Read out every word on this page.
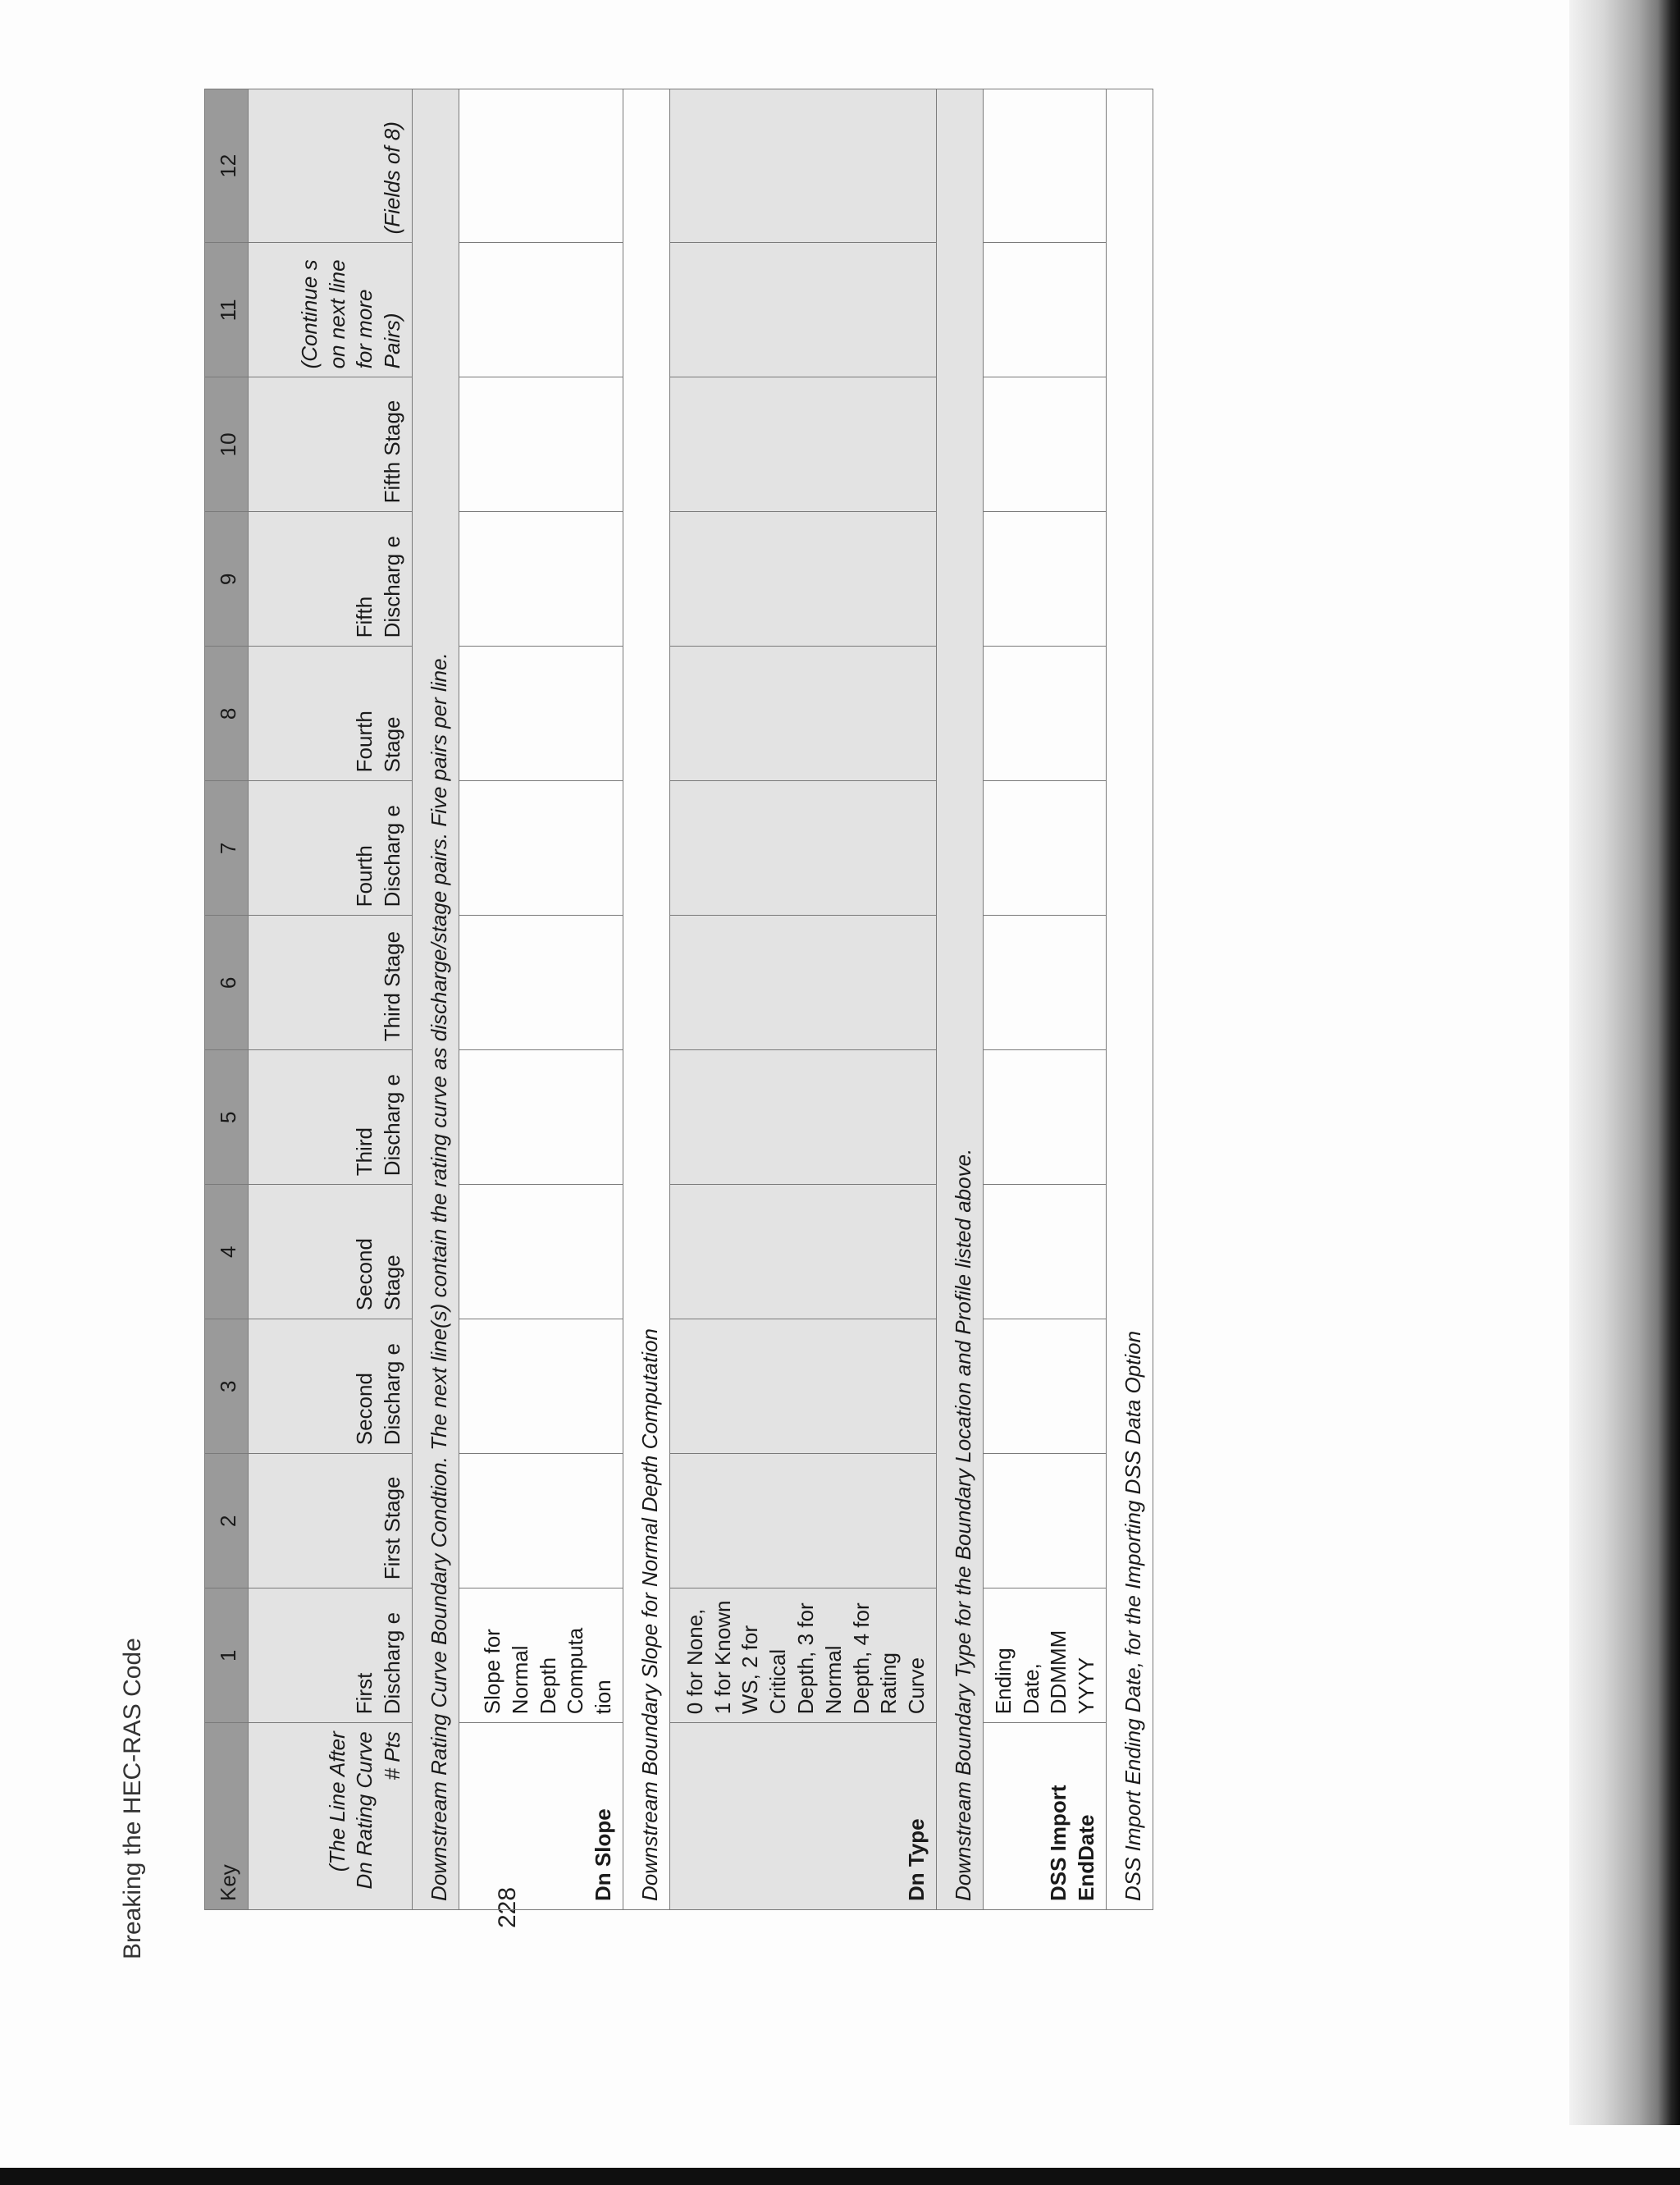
Breaking the HEC-RAS Code	228
Key	1	2	3	4	5	6	7	8	9	10	11	12
(The Line After Dn Rating Curve # Pts	First Discharg e	First Stage	Second Discharg e	Second Stage	Third Discharg e	Third Stage	Fourth Discharg e	Fourth Stage	Fifth Discharg e	Fifth Stage	(Continue s on next line for more Pairs)	(Fields of 8)
Downstream Rating Curve Boundary Condtion. The next line(s) contain the rating curve as discharge/stage pairs. Five pairs per line.												
Dn Slope	Slope for Normal Depth Computa tion											
Downstream Boundary Slope for Normal Depth Computation												
Dn Type	0 for None, 1 for Known WS, 2 for Critical Depth, 3 for Normal Depth, 4 for Rating Curve											
Downstream Boundary Type for the Boundary Location and Profile listed above.												
DSS Import EndDate	Ending Date, DDMMM YYYY											
DSS Import Ending Date, for the Importing DSS Data Option												
